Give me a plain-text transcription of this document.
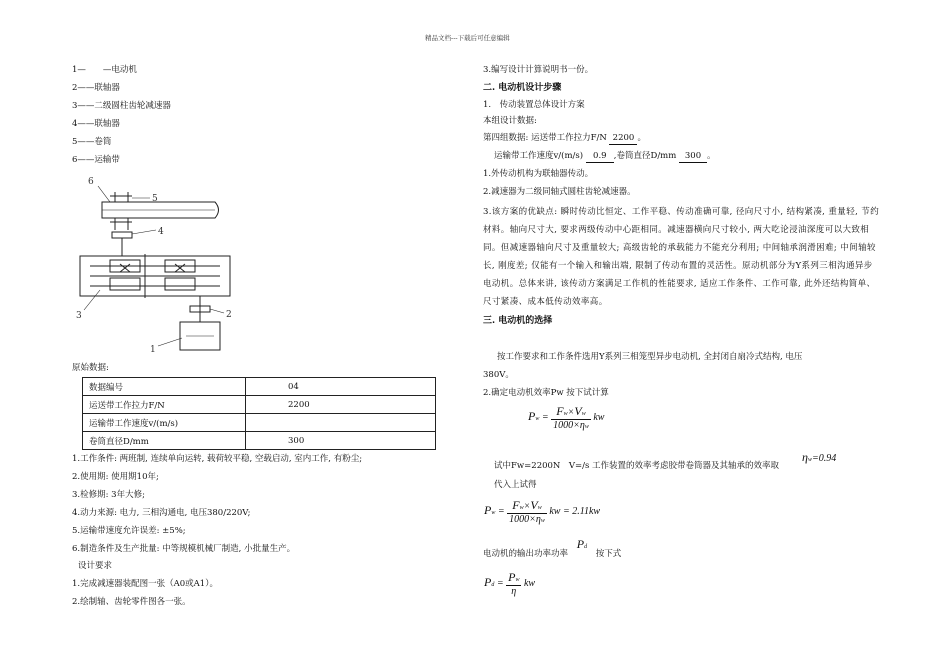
精品文档---下载后可任意编辑
1—　　—电动机
2——联轴器
3——二级圆柱齿轮减速器
4——联轴器
5——卷筒
6——运输带
6
5
4
3	2
1
原始数据:
数据编号	04
运送带工作拉力F/N	2200
运输带工作速度v/(m/s)	
卷筒直径D/mm	300
1.工作条件: 两班制, 连续单向运转, 载荷较平稳, 空载启动, 室内工作, 有粉尘;
2.使用期: 使用期10年;
3.检修期: 3年大修;
4.动力来源: 电力, 三相沟通电, 电压380/220V;
5.运输带速度允许误差: ±5%;
6.制造条件及生产批量: 中等规模机械厂制造, 小批量生产。
设计要求
1.完成减速器装配图一张（A0或A1）。
2.绘制轴、齿轮零件图各一张。
3.编写设计计算说明书一份。
二. 电动机设计步骤
1.　传动装置总体设计方案
本组设计数据:
第四组数据: 运送带工作拉力F/N 2200 。
运输带工作速度v/(m/s) 0.9 ,卷筒直径D/mm 300 。
1.外传动机构为联轴器传动。
2.减速器为二级同轴式圆柱齿轮减速器。
3.该方案的优缺点: 瞬时传动比恒定、工作平稳、传动准确可靠, 径向尺寸小, 结构紧凑, 重量轻, 节约材料。轴向尺寸大, 要求两级传动中心距相同。减速器横向尺寸较小, 两大吃论浸油深度可以大致相同。但减速器轴向尺寸及重量较大; 高级齿轮的承载能力不能充分利用; 中间轴承润滑困难; 中间轴较长, 刚度差; 仅能有一个输入和输出端, 限制了传动布置的灵活性。原动机部分为Y系列三相沟通异步电动机。总体来讲, 该传动方案满足工作机的性能要求, 适应工作条件、工作可靠, 此外还结构简单、尺寸紧凑、成本低传动效率高。
三. 电动机的选择
按工作要求和工作条件选用Y系列三相笼型异步电动机, 全封闭自扇冷式结构, 电压
380V。
2.确定电动机效率Pw 按下试计算
$Pw = \frac{Fw\times Vw}{1000\times\eta w}$ kw
试中Fw=2200N　V=/s 工作装置的效率考虑胶带卷筒器及其轴承的效率取
ηw=0.94
代入上试得
$Pw = \frac{Fw\times Vw}{1000\times\eta w}$ kw = 2.11kw
电动机的输出功率功率 Pd 按下式
$Pd = \frac{Pw}{\eta}$ kw
